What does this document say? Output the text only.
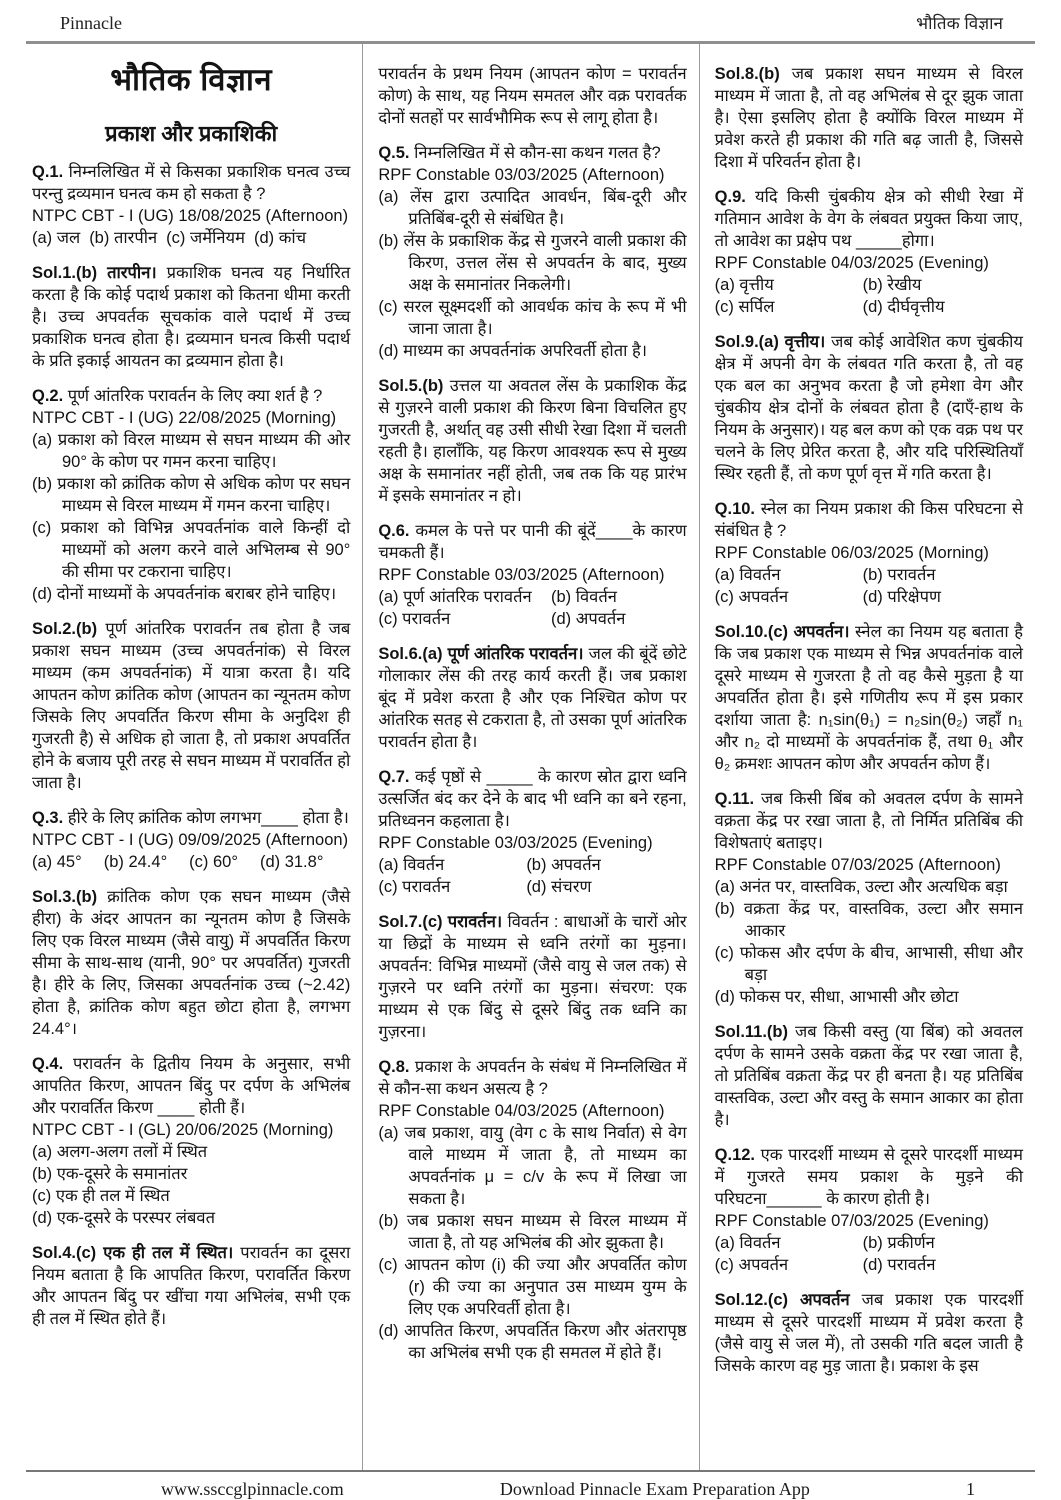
Pinnacle	भौतिक विज्ञान
भौतिक विज्ञान
प्रकाश और प्रकाशिकी
Q.1. निम्नलिखित में से किसका प्रकाशिक घनत्व उच्च परन्तु द्रव्यमान घनत्व कम हो सकता है ?
NTPC CBT - I (UG) 18/08/2025 (Afternoon)
(a) जल (b) तारपीन (c) जर्मेनियम (d) कांच
Sol.1.(b) तारपीन। प्रकाशिक घनत्व यह निर्धारित करता है कि कोई पदार्थ प्रकाश को कितना धीमा करती है। उच्च अपवर्तक सूचकांक वाले पदार्थ में उच्च प्रकाशिक घनत्व होता है। द्रव्यमान घनत्व किसी पदार्थ के प्रति इकाई आयतन का द्रव्यमान होता है।
Q.2. पूर्ण आंतरिक परावर्तन के लिए क्या शर्त है ?
NTPC CBT - I (UG) 22/08/2025 (Morning)
(a) प्रकाश को विरल माध्यम से सघन माध्यम की ओर 90° के कोण पर गमन करना चाहिए।
(b) प्रकाश को क्रांतिक कोण से अधिक कोण पर सघन माध्यम से विरल माध्यम में गमन करना चाहिए।
(c) प्रकाश को विभिन्न अपवर्तनांक वाले किन्हीं दो माध्यमों को अलग करने वाले अभिलम्ब से 90° की सीमा पर टकराना चाहिए।
(d) दोनों माध्यमों के अपवर्तनांक बराबर होने चाहिए।
Sol.2.(b) पूर्ण आंतरिक परावर्तन तब होता है जब प्रकाश सघन माध्यम (उच्च अपवर्तनांक) से विरल माध्यम (कम अपवर्तनांक) में यात्रा करता है। यदि आपतन कोण क्रांतिक कोण (आपतन का न्यूनतम कोण जिसके लिए अपवर्तित किरण सीमा के अनुदिश ही गुजरती है) से अधिक हो जाता है, तो प्रकाश अपवर्तित होने के बजाय पूरी तरह से सघन माध्यम में परावर्तित हो जाता है।
Q.3. हीरे के लिए क्रांतिक कोण लगभग____ होता है।
NTPC CBT - I (UG) 09/09/2025 (Afternoon)
(a) 45° (b) 24.4° (c) 60° (d) 31.8°
Sol.3.(b) क्रांतिक कोण एक सघन माध्यम (जैसे हीरा) के अंदर आपतन का न्यूनतम कोण है जिसके लिए एक विरल माध्यम (जैसे वायु) में अपवर्तित किरण सीमा के साथ-साथ (यानी, 90° पर अपवर्तित) गुजरती है। हीरे के लिए, जिसका अपवर्तनांक उच्च (~2.42) होता है, क्रांतिक कोण बहुत छोटा होता है, लगभग 24.4°।
Q.4. परावर्तन के द्वितीय नियम के अनुसार, सभी आपतित किरण, आपतन बिंदु पर दर्पण के अभिलंब और परावर्तित किरण ____ होती हैं।
NTPC CBT - I (GL) 20/06/2025 (Morning)
(a) अलग-अलग तलों में स्थित
(b) एक-दूसरे के समानांतर
(c) एक ही तल में स्थित
(d) एक-दूसरे के परस्पर लंबवत
Sol.4.(c) एक ही तल में स्थित। परावर्तन का दूसरा नियम बताता है कि आपतित किरण, परावर्तित किरण और आपतन बिंदु पर खींचा गया अभिलंब, सभी एक ही तल में स्थित होते हैं।
परावर्तन के प्रथम नियम (आपतन कोण = परावर्तन कोण) के साथ, यह नियम समतल और वक्र परावर्तक दोनों सतहों पर सार्वभौमिक रूप से लागू होता है।
Q.5. निम्नलिखित में से कौन-सा कथन गलत है?
RPF Constable 03/03/2025 (Afternoon)
(a) लेंस द्वारा उत्पादित आवर्धन, बिंब-दूरी और प्रतिबिंब-दूरी से संबंधित है।
(b) लेंस के प्रकाशिक केंद्र से गुजरने वाली प्रकाश की किरण, उत्तल लेंस से अपवर्तन के बाद, मुख्य अक्ष के समानांतर निकलेगी।
(c) सरल सूक्ष्मदर्शी को आवर्धक कांच के रूप में भी जाना जाता है।
(d) माध्यम का अपवर्तनांक अपरिवर्ती होता है।
Sol.5.(b) उत्तल या अवतल लेंस के प्रकाशिक केंद्र से गुज़रने वाली प्रकाश की किरण बिना विचलित हुए गुजरती है, अर्थात् वह उसी सीधी रेखा दिशा में चलती रहती है। हालाँकि, यह किरण आवश्यक रूप से मुख्य अक्ष के समानांतर नहीं होती, जब तक कि यह प्रारंभ में इसके समानांतर न हो।
Q.6. कमल के पत्ते पर पानी की बूंदें____के कारण चमकती हैं।
RPF Constable 03/03/2025 (Afternoon)
(a) पूर्ण आंतरिक परावर्तन	(b) विवर्तन
(c) परावर्तन	(d) अपवर्तन
Sol.6.(a) पूर्ण आंतरिक परावर्तन। जल की बूंदें छोटे गोलाकार लेंस की तरह कार्य करती हैं। जब प्रकाश बूंद में प्रवेश करता है और एक निश्चित कोण पर आंतरिक सतह से टकराता है, तो उसका पूर्ण आंतरिक परावर्तन होता है।
Q.7. कई पृष्ठों से _____ के कारण स्रोत द्वारा ध्वनि उत्सर्जित बंद कर देने के बाद भी ध्वनि का बने रहना, प्रतिध्वनन कहलाता है।
RPF Constable 03/03/2025 (Evening)
(a) विवर्तन	(b) अपवर्तन
(c) परावर्तन	(d) संचरण
Sol.7.(c) परावर्तन। विवर्तन : बाधाओं के चारों ओर या छिद्रों के माध्यम से ध्वनि तरंगों का मुड़ना। अपवर्तन: विभिन्न माध्यमों (जैसे वायु से जल तक) से गुज़रने पर ध्वनि तरंगों का मुड़ना। संचरण: एक माध्यम से एक बिंदु से दूसरे बिंदु तक ध्वनि का गुज़रना।
Q.8. प्रकाश के अपवर्तन के संबंध में निम्नलिखित में से कौन-सा कथन असत्य है ?
RPF Constable 04/03/2025 (Afternoon)
(a) जब प्रकाश, वायु (वेग c के साथ निर्वात) से वेग वाले माध्यम में जाता है, तो माध्यम का अपवर्तनांक μ = c/v के रूप में लिखा जा सकता है।
(b) जब प्रकाश सघन माध्यम से विरल माध्यम में जाता है, तो यह अभिलंब की ओर झुकता है।
(c) आपतन कोण (i) की ज्या और अपवर्तित कोण (r) की ज्या का अनुपात उस माध्यम युग्म के लिए एक अपरिवर्ती होता है।
(d) आपतित किरण, अपवर्तित किरण और अंतरापृष्ठ का अभिलंब सभी एक ही समतल में होते हैं।
Sol.8.(b) जब प्रकाश सघन माध्यम से विरल माध्यम में जाता है, तो वह अभिलंब से दूर झुक जाता है। ऐसा इसलिए होता है क्योंकि विरल माध्यम में प्रवेश करते ही प्रकाश की गति बढ़ जाती है, जिससे दिशा में परिवर्तन होता है।
Q.9. यदि किसी चुंबकीय क्षेत्र को सीधी रेखा में गतिमान आवेश के वेग के लंबवत प्रयुक्त किया जाए, तो आवेश का प्रक्षेप पथ _____होगा।
RPF Constable 04/03/2025 (Evening)
(a) वृत्तीय	(b) रेखीय
(c) सर्पिल	(d) दीर्घवृत्तीय
Sol.9.(a) वृत्तीय। जब कोई आवेशित कण चुंबकीय क्षेत्र में अपनी वेग के लंबवत गति करता है, तो वह एक बल का अनुभव करता है जो हमेशा वेग और चुंबकीय क्षेत्र दोनों के लंबवत होता है (दाएँ-हाथ के नियम के अनुसार)। यह बल कण को एक वक्र पथ पर चलने के लिए प्रेरित करता है, और यदि परिस्थितियाँ स्थिर रहती हैं, तो कण पूर्ण वृत्त में गति करता है।
Q.10. स्नेल का नियम प्रकाश की किस परिघटना से संबंधित है ?
RPF Constable 06/03/2025 (Morning)
(a) विवर्तन	(b) परावर्तन
(c) अपवर्तन	(d) परिक्षेपण
Sol.10.(c) अपवर्तन। स्नेल का नियम यह बताता है कि जब प्रकाश एक माध्यम से भिन्न अपवर्तनांक वाले दूसरे माध्यम से गुजरता है तो वह कैसे मुड़ता है या अपवर्तित होता है। इसे गणितीय रूप में इस प्रकार दर्शाया जाता है: n₁sin(θ₁) = n₂sin(θ₂) जहाँ n₁ और n₂ दो माध्यमों के अपवर्तनांक हैं, तथा θ₁ और θ₂ क्रमशः आपतन कोण और अपवर्तन कोण हैं।
Q.11. जब किसी बिंब को अवतल दर्पण के सामने वक्रता केंद्र पर रखा जाता है, तो निर्मित प्रतिबिंब की विशेषताएं बताइए।
RPF Constable 07/03/2025 (Afternoon)
(a) अनंत पर, वास्तविक, उल्टा और अत्यधिक बड़ा
(b) वक्रता केंद्र पर, वास्तविक, उल्टा और समान आकार
(c) फोकस और दर्पण के बीच, आभासी, सीधा और बड़ा
(d) फोकस पर, सीधा, आभासी और छोटा
Sol.11.(b) जब किसी वस्तु (या बिंब) को अवतल दर्पण के सामने उसके वक्रता केंद्र पर रखा जाता है, तो प्रतिबिंब वक्रता केंद्र पर ही बनता है। यह प्रतिबिंब वास्तविक, उल्टा और वस्तु के समान आकार का होता है।
Q.12. एक पारदर्शी माध्यम से दूसरे पारदर्शी माध्यम में गुजरते समय प्रकाश के मुड़ने की परिघटना______ के कारण होती है।
RPF Constable 07/03/2025 (Evening)
(a) विवर्तन	(b) प्रकीर्णन
(c) अपवर्तन	(d) परावर्तन
Sol.12.(c) अपवर्तन जब प्रकाश एक पारदर्शी माध्यम से दूसरे पारदर्शी माध्यम में प्रवेश करता है (जैसे वायु से जल में), तो उसकी गति बदल जाती है जिसके कारण वह मुड़ जाता है। प्रकाश के इस
www.ssccglpinnacle.com	Download Pinnacle Exam Preparation App	1
